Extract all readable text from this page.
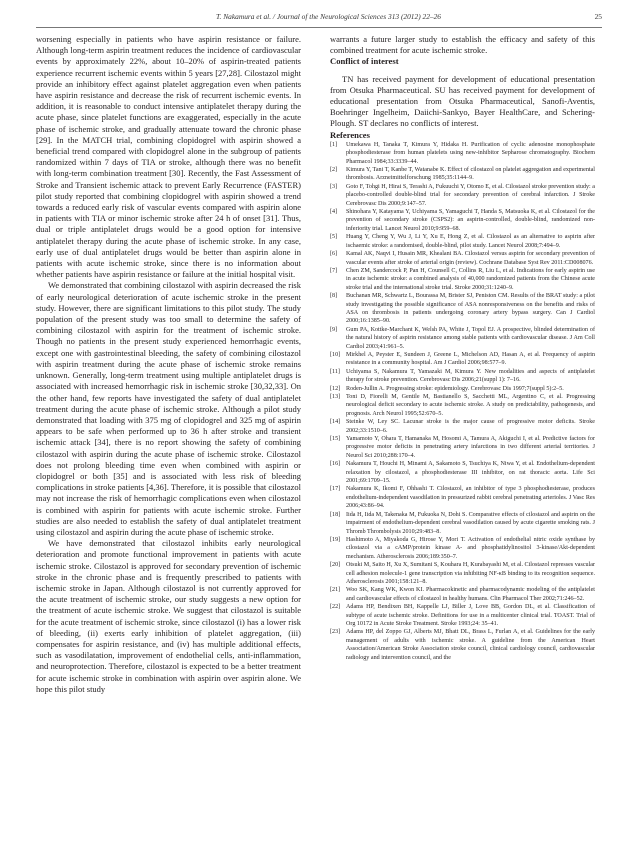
T. Nakamura et al. / Journal of the Neurological Sciences 313 (2012) 22–26	25

worsening especially in patients who have aspirin resistance or failure. Although long-term aspirin treatment reduces the incidence of cardiovascular events by approximately 22%, about 10–20% of aspirin-treated patients experience recurrent ischemic events within 5 years [27,28]. Cilostazol might provide an inhibitory effect against platelet aggregation even when patients have aspirin resistance and decrease the risk of recurrent ischemic events. In addition, it is reasonable to conduct intensive antiplatelet therapy during the acute phase, since platelet functions are exaggerated, especially in the acute phase of ischemic stroke, and gradually attenuate toward the chronic phase [29]. In the MATCH trial, combining clopidogrel with aspirin showed a beneficial trend compared with clopidogrel alone in the subgroup of patients randomized within 7 days of TIA or stroke, although there was no benefit with long-term combination treatment [30]. Recently, the Fast Assessment of Stroke and Transient ischemic attack to prevent Early Recurrence (FASTER) pilot study reported that combining clopidogrel with aspirin showed a trend towards a reduced early risk of vascular events compared with aspirin alone in patients with TIA or minor ischemic stroke after 24 h of onset [31]. Thus, dual or triple antiplatelet drugs would be a good option for intensive antiplatelet therapy during the acute phase of ischemic stroke. In any case, early use of dual antiplatelet drugs would be better than aspirin alone in patients with acute ischemic stroke, since there is no information about whether patients have aspirin resistance or failure at the initial hospital visit.

We demonstrated that combining cilostazol with aspirin decreased the risk of early neurological deterioration of acute ischemic stroke in the present study. However, there are significant limitations to this pilot study. The study population of the present study was too small to determine the safety of combining cilostazol with aspirin for the treatment of ischemic stroke. Though no patients in the present study experienced hemorrhagic events, except one with gastrointestinal bleeding, the safety of combining cilostazol with aspirin treatment during the acute phase of ischemic stroke remains unknown. Generally, long-term treatment using multiple antiplatelet drugs is associated with increased hemorrhagic risk in ischemic stroke [30,32,33]. On the other hand, few reports have investigated the safety of dual antiplatelet treatment during the acute phase of ischemic stroke. Although a pilot study demonstrated that loading with 375 mg of clopidogrel and 325 mg of aspirin appears to be safe when performed up to 36 h after stroke and transient ischemic attack [34], there is no report showing the safety of combining cilostazol with aspirin during the acute phase of ischemic stroke. Cilostazol does not prolong bleeding time even when combined with aspirin or clopidogrel or both [35] and is associated with less risk of bleeding complications in stroke patients [4,36]. Therefore, it is possible that cilostazol may not increase the risk of hemorrhagic complications even when cilostazol is combined with aspirin for patients with acute ischemic stroke. Further studies are also needed to establish the safety of dual antiplatelet treatment using cilostazol and aspirin during the acute phase of ischemic stroke.

We have demonstrated that cilostazol inhibits early neurological deterioration and promote functional improvement in patients with acute ischemic stroke. Cilostazol is approved for secondary prevention of ischemic stroke in the chronic phase and is frequently prescribed to patients with ischemic stroke in Japan. Although cilostazol is not currently approved for the acute treatment of ischemic stroke, our study suggests a new option for the treatment of acute ischemic stroke. We suggest that cilostazol is suitable for the acute treatment of ischemic stroke, since cilostazol (i) has a lower risk of bleeding, (ii) exerts early inhibition of platelet aggregation, (iii) compensates for aspirin resistance, and (iv) has multiple additional effects, such as vasodilatation, improvement of endothelial cells, anti-inflammation, and neuroprotection. Therefore, cilostazol is expected to be a better treatment for acute ischemic stroke in combination with aspirin over aspirin alone. We hope this pilot study

warrants a future larger study to establish the efficacy and safety of this combined treatment for acute ischemic stroke.

Conflict of interest

TN has received payment for development of educational presentation from Otsuka Pharmaceutical. SU has received payment for development of educational presentation from Otsuka Pharmaceutical, Sanofi-Aventis, Boehringer Ingelheim, Daiichi-Sankyo, Bayer HealthCare, and Schering-Plough. ST declares no conflicts of interest.

References
[1] Umekawa H, Tanaka T, Kimura Y, Hidaka H. Purification of cyclic adenosine monophosphate phosphodiesterase from human platelets using new-inhibitor Sepharose chromatography. Biochem Pharmacol 1984;33:3339–44.
[2] Kimura Y, Tani T, Kanbe T, Watanabe K. Effect of cilostazol on platelet aggregation and experimental thrombosis. Arzneimittelforschung 1985;35:1144–9.
[3] Goto F, Tohgi H, Hirai S, Terashi A, Fukuuchi Y, Otomo E, et al. Cilostazol stroke prevention study: a placebo-controlled double-blind trial for secondary prevention of cerebral infarction. J Stroke Cerebrovasc Dis 2000;9:147–57.
[4] Shinohara Y, Katayama Y, Uchiyama S, Yamaguchi T, Handa S, Matsuoka K, et al. Cilostazol for the prevention of secondary stroke (CSPS2): an aspirin-controlled, double-blind, randomized non-inferiority trial. Lancet Neurol 2010;9:959–68.
[5] Huang Y, Cheng Y, Wu J, Li Y, Xu E, Hong Z, et al. Cilostazol as an alternative to aspirin after ischaemic stroke: a randomised, double-blind, pilot study. Lancet Neurol 2008;7:494–9.
[6] Kamal AK, Naqvi I, Husain MR, Khealani BA. Cilostazol versus aspirin for secondary prevention of vascular events after stroke of arterial origin (review). Cochrane Database Syst Rev 2011:CD008076.
[7] Chen ZM, Sandercock P, Pan H, Counsell C, Collins R, Liu L, et al. Indications for early aspirin use in acute ischemic stroke: a combined analysis of 40,000 randomized patients from the Chinese acute stroke trial and the international stroke trial. Stroke 2000;31:1240–9.
[8] Buchanan MR, Schwartz L, Bourassa M, Brister SJ, Peniston CM. Results of the BRAT study: a pilot study investigating the possible significance of ASA nonresponsiveness on the benefits and risks of ASA on thrombosis in patients undergoing coronary artery bypass surgery. Can J Cardiol 2000;16:1385–90.
[9] Gum PA, Kottke-Marchant K, Welsh PA, White J, Topol EJ. A prospective, blinded determination of the natural history of aspirin resistance among stable patients with cardiovascular disease. J Am Coll Cardiol 2003;41:961–5.
[10] Mirkhel A, Peyster E, Sundeen J, Greene L, Michelson AD, Hasan A, et al. Frequency of aspirin resistance in a community hospital. Am J Cardiol 2006;98:577–9.
[11] Uchiyama S, Nakamura T, Yamazaki M, Kimura Y. New modalities and aspects of antiplatelet therapy for stroke prevention. Cerebrovasc Dis 2006;21(suppl 1): 7–16.
[12] Roden-Jullin A. Progressing stroke: epidemiology. Cerebrovasc Dis 1997;7(suppl 5):2–5.
[13] Toni D, Fiorelli M, Gentile M, Bastianello S, Sacchetti ML, Argentino C, et al. Progressing neurological deficit secondary to acute ischemic stroke. A study on predictability, pathogenesis, and prognosis. Arch Neurol 1995;52:670–5.
[14] Steinke W, Ley SC. Lacunar stroke is the major cause of progressive motor deficits. Stroke 2002;33:1510–6.
[15] Yamamoto Y, Ohara T, Hamanaka M, Hosomi A, Tamura A, Akiguchi I, et al. Predictive factors for progressive motor deficits in penetrating artery infarctions in two different arterial territories. J Neurol Sci 2010;288:170–4.
[16] Nakamura T, Houchi H, Minami A, Sakamoto S, Tsuchiya K, Niwa Y, et al. Endothelium-dependent relaxation by cilostazol, a phosphodiesterase III inhibitor, on rat thoracic aorta. Life Sci 2001;69:1709–15.
[17] Nakamura K, Ikomi F, Ohhashi T. Cilostazol, an inhibitor of type 3 phosphodiesterase, produces endothelium-independent vasodilation in pressurized rabbit cerebral penetrating arterioles. J Vasc Res 2006;43:86–94.
[18] Iida H, Iida M, Takenaka M, Fukuoka N, Dohi S. Comparative effects of cilostazol and aspirin on the impairment of endothelium-dependent cerebral vasodilation caused by acute cigarette smoking rats. J Thromb Thrombolysis 2010;29:483–8.
[19] Hashimoto A, Miyakoda G, Hirose Y, Mori T. Activation of endothelial nitric oxide synthase by cilostazol via a cAMP/protein kinase A- and phosphatidylinositol 3-kinase/Akt-dependent mechanism. Atherosclerosis 2006;189:350–7.
[20] Otsuki M, Saito H, Xu X, Sumitani S, Kouhara H, Kurabayashi M, et al. Cilostazol represses vascular cell adhesion molecule-1 gene transcription via inhibiting NF-κB binding to its recognition sequence. Atherosclerosis 2001;158:121–8.
[21] Woo SK, Kang WK, Kwon KI. Pharmacokinetic and pharmacodynamic modeling of the antiplatelet and cardiovascular effects of cilostazol in healthy humans. Clin Pharmacol Ther 2002;71:246–52.
[22] Adams HP, Bendixen BH, Kappelle LJ, Biller J, Love BB, Gordon DL, et al. Classification of subtype of acute ischemic stroke. Definitions for use in a multicenter clinical trial. TOAST. Trial of Org 10172 in Acute Stroke Treatment. Stroke 1993;24: 35–41.
[23] Adams HP, del Zoppo GJ, Alberts MJ, Bhatt DL, Brass L, Furlan A, et al. Guidelines for the early management of adults with ischemic stroke. A guideline from the American Heart Association/American Stroke Association stroke council, clinical cardiology council, cardiovascular radiology and intervention council, and the
